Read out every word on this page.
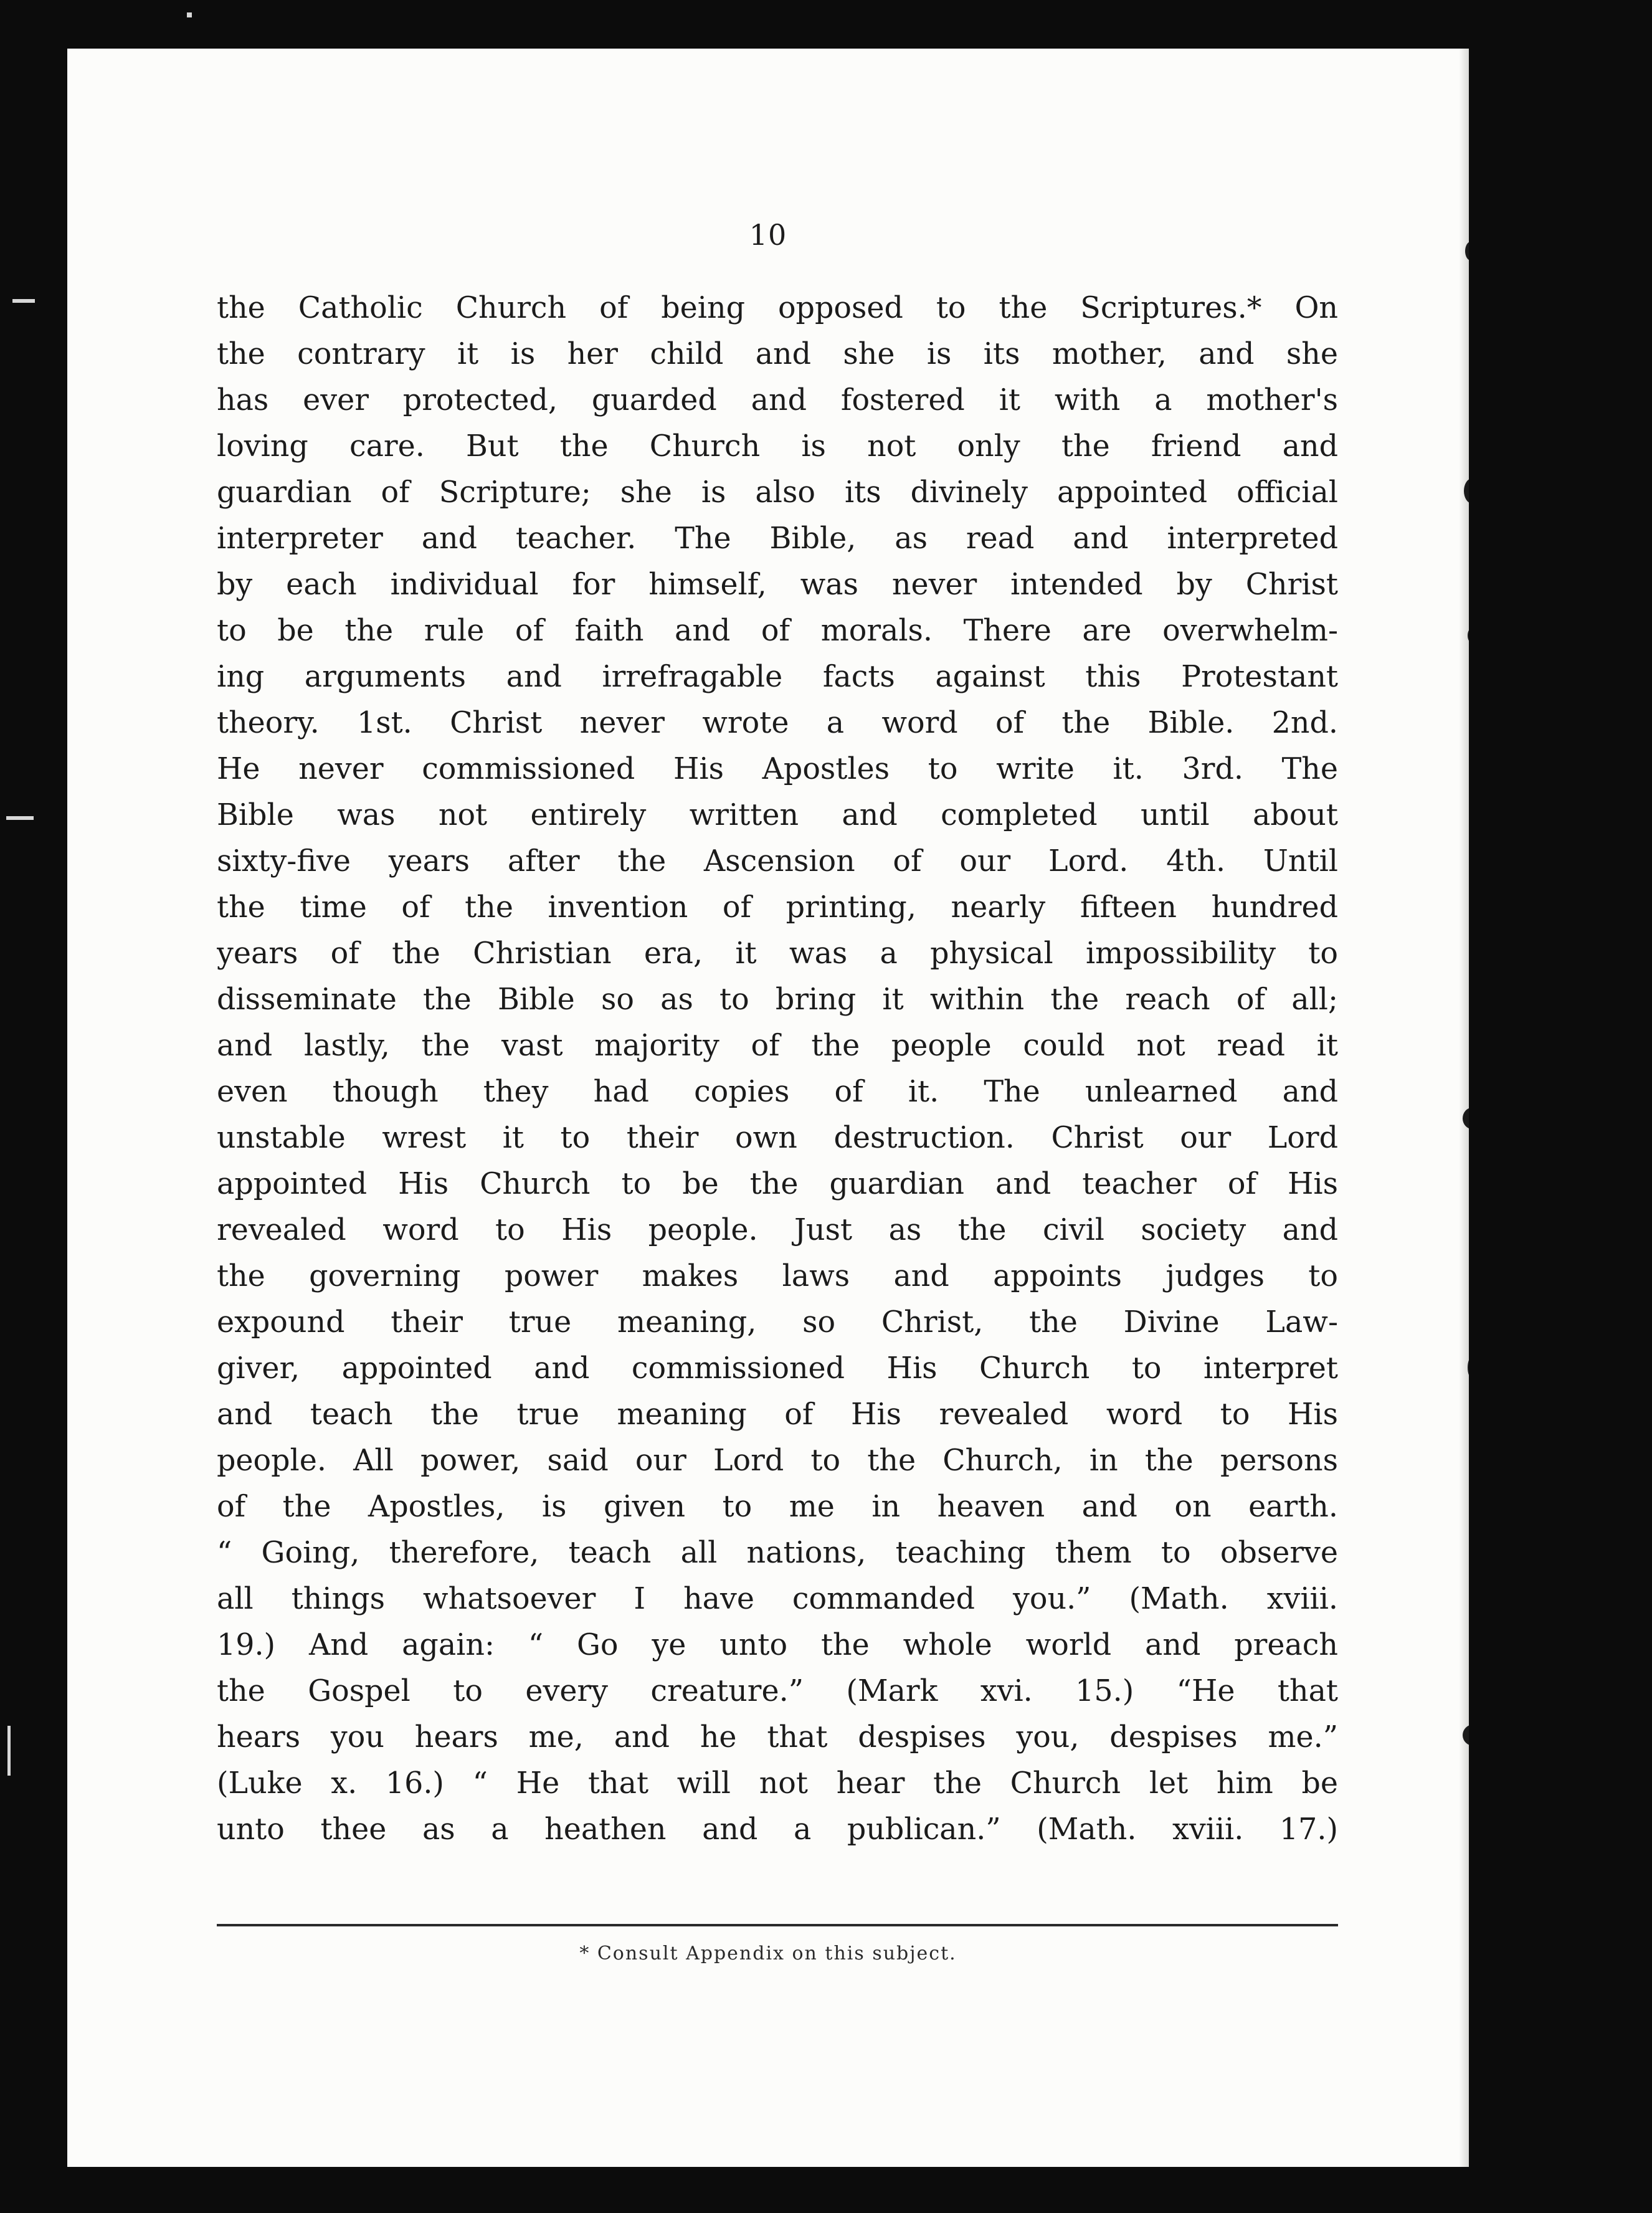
10
the Catholic Church of being opposed to the Scriptures.* On
the contrary it is her child and she is its mother, and she
has ever protected, guarded and fostered it with a mother's
loving care. But the Church is not only the friend and
guardian of Scripture; she is also its divinely appointed official
interpreter and teacher. The Bible, as read and interpreted
by each individual for himself, was never intended by Christ
to be the rule of faith and of morals. There are overwhelm-
ing arguments and irrefragable facts against this Protestant
theory. 1st. Christ never wrote a word of the Bible. 2nd.
He never commissioned His Apostles to write it. 3rd. The
Bible was not entirely written and completed until about
sixty-five years after the Ascension of our Lord. 4th. Until
the time of the invention of printing, nearly fifteen hundred
years of the Christian era, it was a physical impossibility to
disseminate the Bible so as to bring it within the reach of all;
and lastly, the vast majority of the people could not read it
even though they had copies of it. The unlearned and
unstable wrest it to their own destruction. Christ our Lord
appointed His Church to be the guardian and teacher of His
revealed word to His people. Just as the civil society and
the governing power makes laws and appoints judges to
expound their true meaning, so Christ, the Divine Law-
giver, appointed and commissioned His Church to interpret
and teach the true meaning of His revealed word to His
people. All power, said our Lord to the Church, in the persons
of the Apostles, is given to me in heaven and on earth.
“ Going, therefore, teach all nations, teaching them to observe
all things whatsoever I have commanded you.” (Math. xviii.
19.) And again: “ Go ye unto the whole world and preach
the Gospel to every creature.” (Mark xvi. 15.) “He that
hears you hears me, and he that despises you, despises me.”
(Luke x. 16.) “ He that will not hear the Church let him be
unto thee as a heathen and a publican.” (Math. xviii. 17.)
* Consult Appendix on this subject.
